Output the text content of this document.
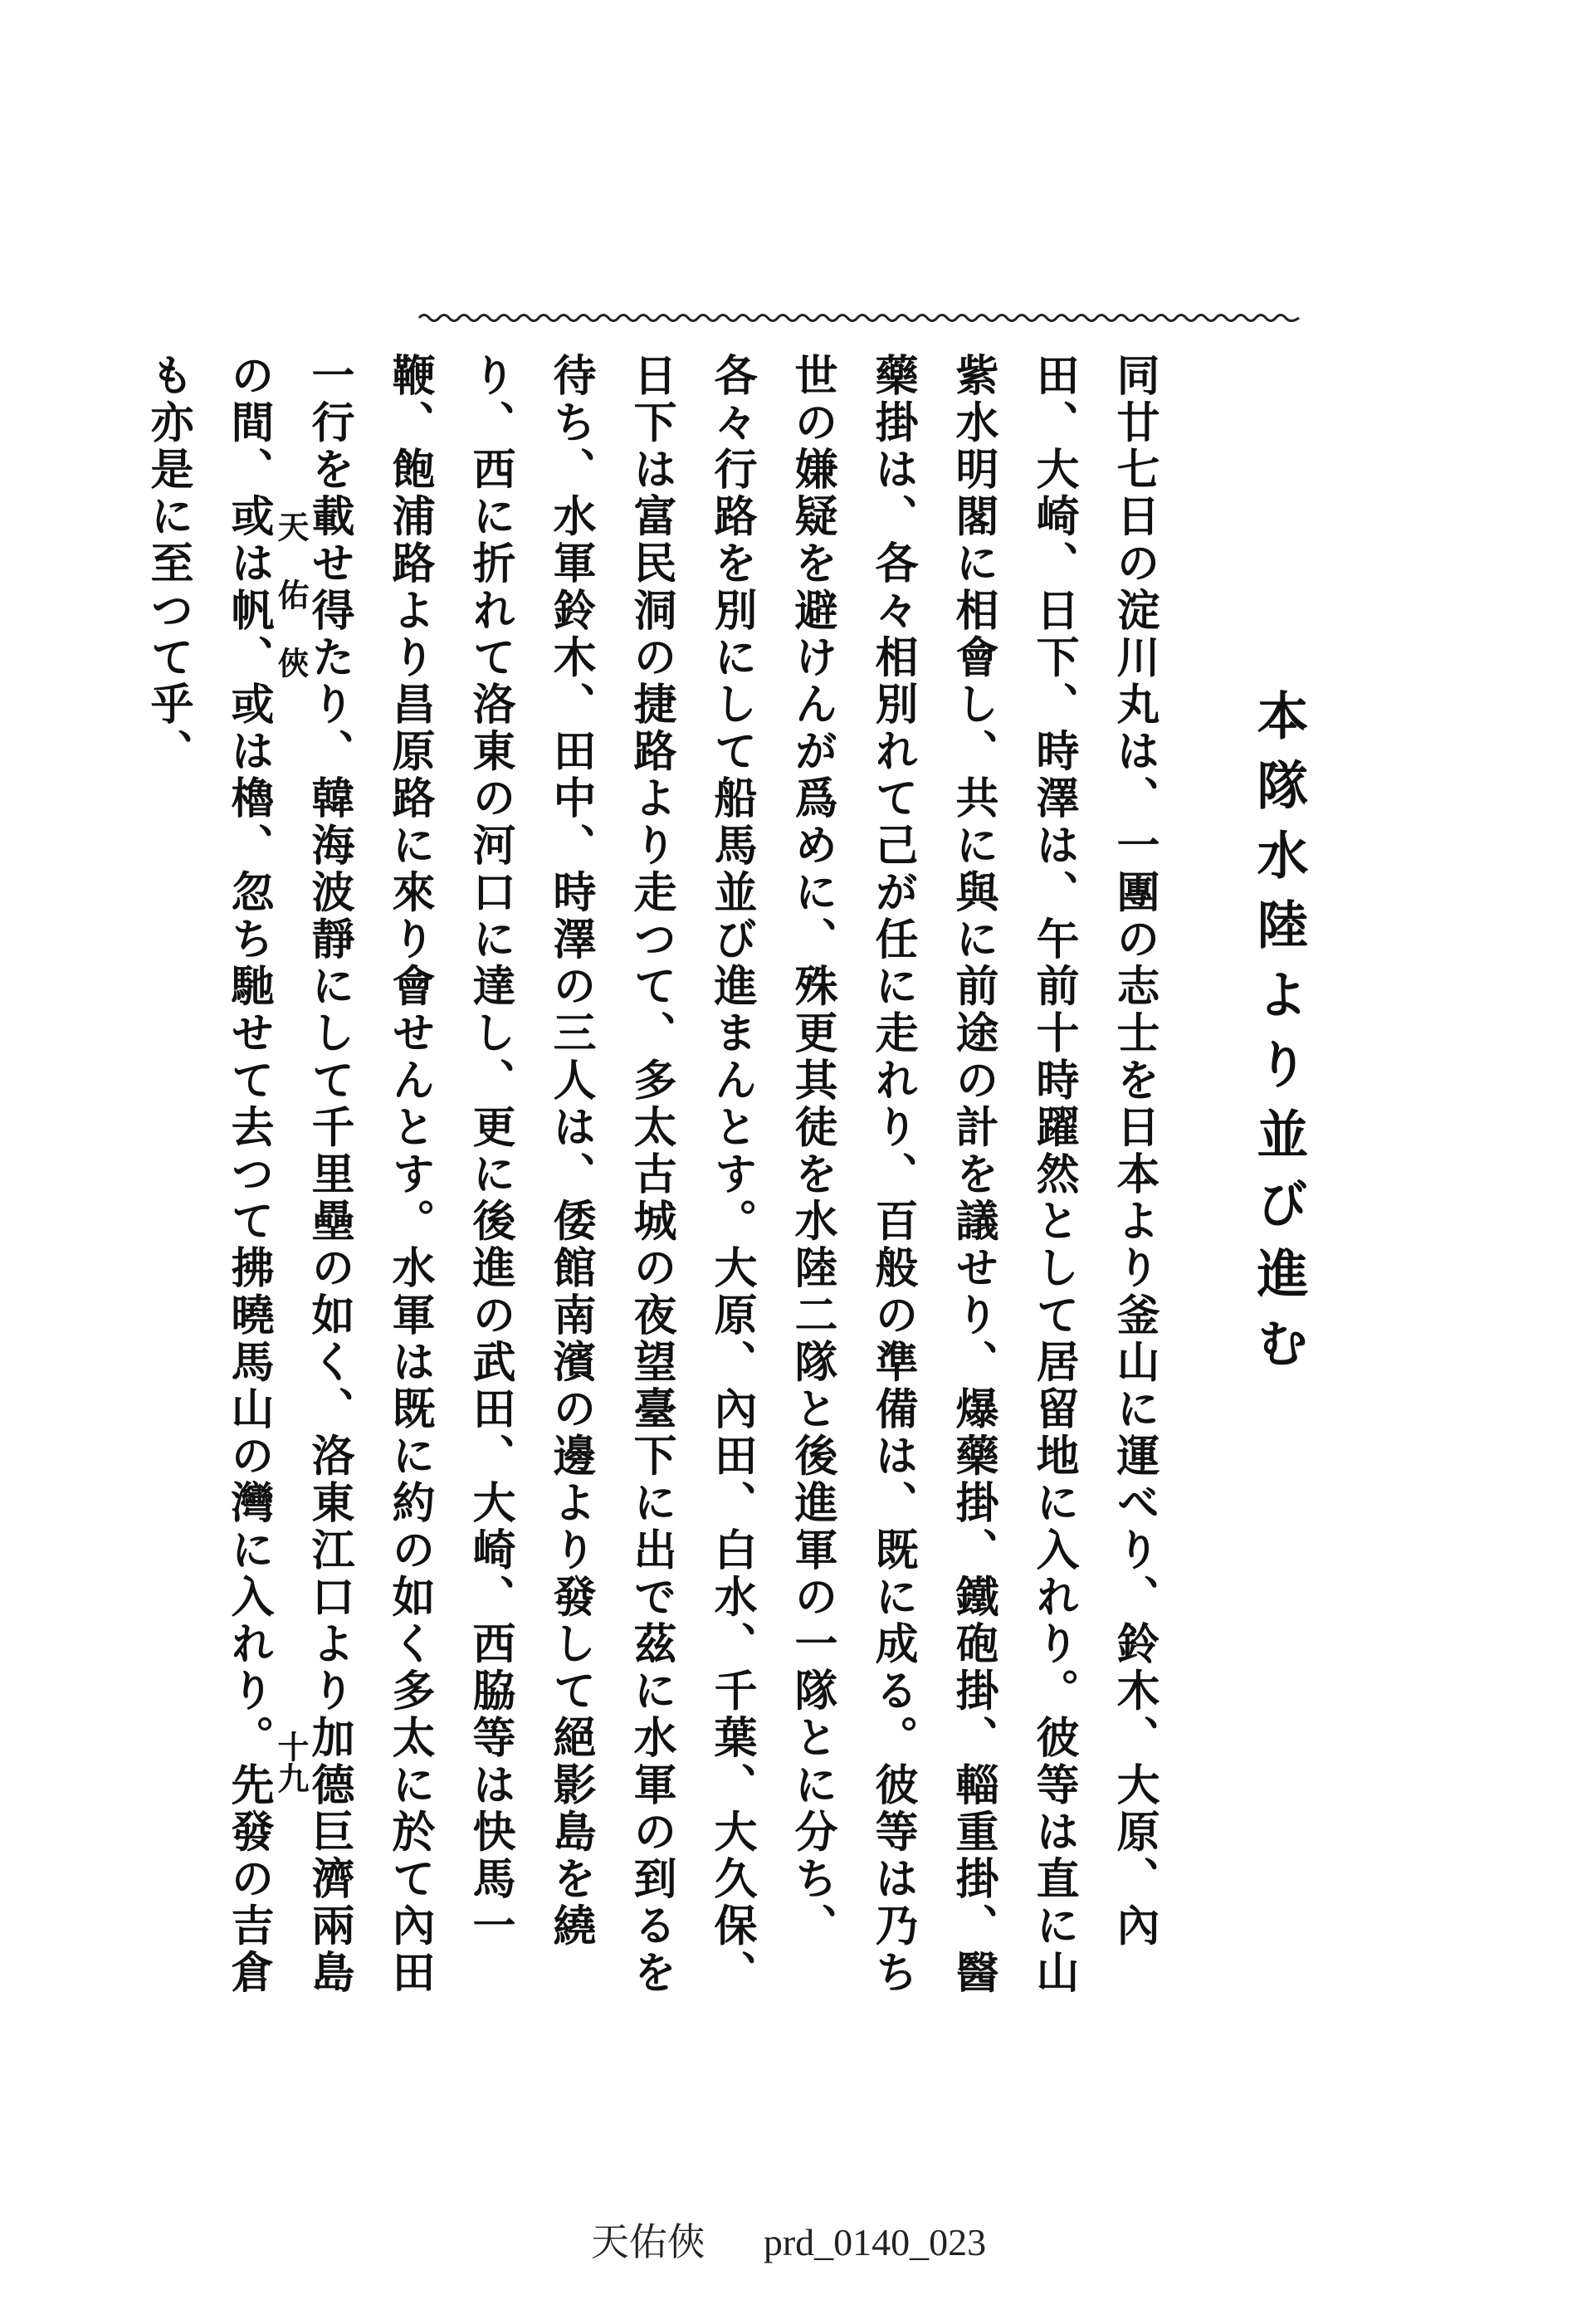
本隊水陸より並び進む

同廿七日の淀川丸は、一團の志士を日本より釜山に運べり、鈴木、大原、內田、大崎、日下、時澤は、午前十時躍然として居留地に入れり。彼等は直に山紫水明閣に相會し、共に與に前途の計を議せり、爆藥掛、鐵砲掛、輜重掛、醫藥掛は、各々相別れて己が任に走れり、百般の準備は、既に成る。彼等は乃ち世の嫌疑を避けんが爲めに、殊更其徒を水陸二隊と後進軍の一隊とに分ち、各々行路を別にして船馬並び進まんとす。大原、內田、白水、千葉、大久保、日下は富民洞の捷路より走つて、多太古城の夜望臺下に出で茲に水軍の到るを待ち、水軍鈴木、田中、時澤の三人は、倭館南濱の邊より發して絕影島を繞り、西に折れて洛東の河口に達し、更に後進の武田、大崎、西脇等は快馬一鞭、飽浦路より昌原路に來り會せんとす。水軍は既に約の如く多太に於て內田一行を載せ得たり、韓海波靜にして千里壘の如く、洛東江口より加德巨濟兩島の間、或は帆、或は櫓、忽ち馳せて去つて拂曉馬山の灣に入れり。先發の吉倉も亦是に至つて乎、	天佑俠
十九
天佑俠 prd_0140_023
